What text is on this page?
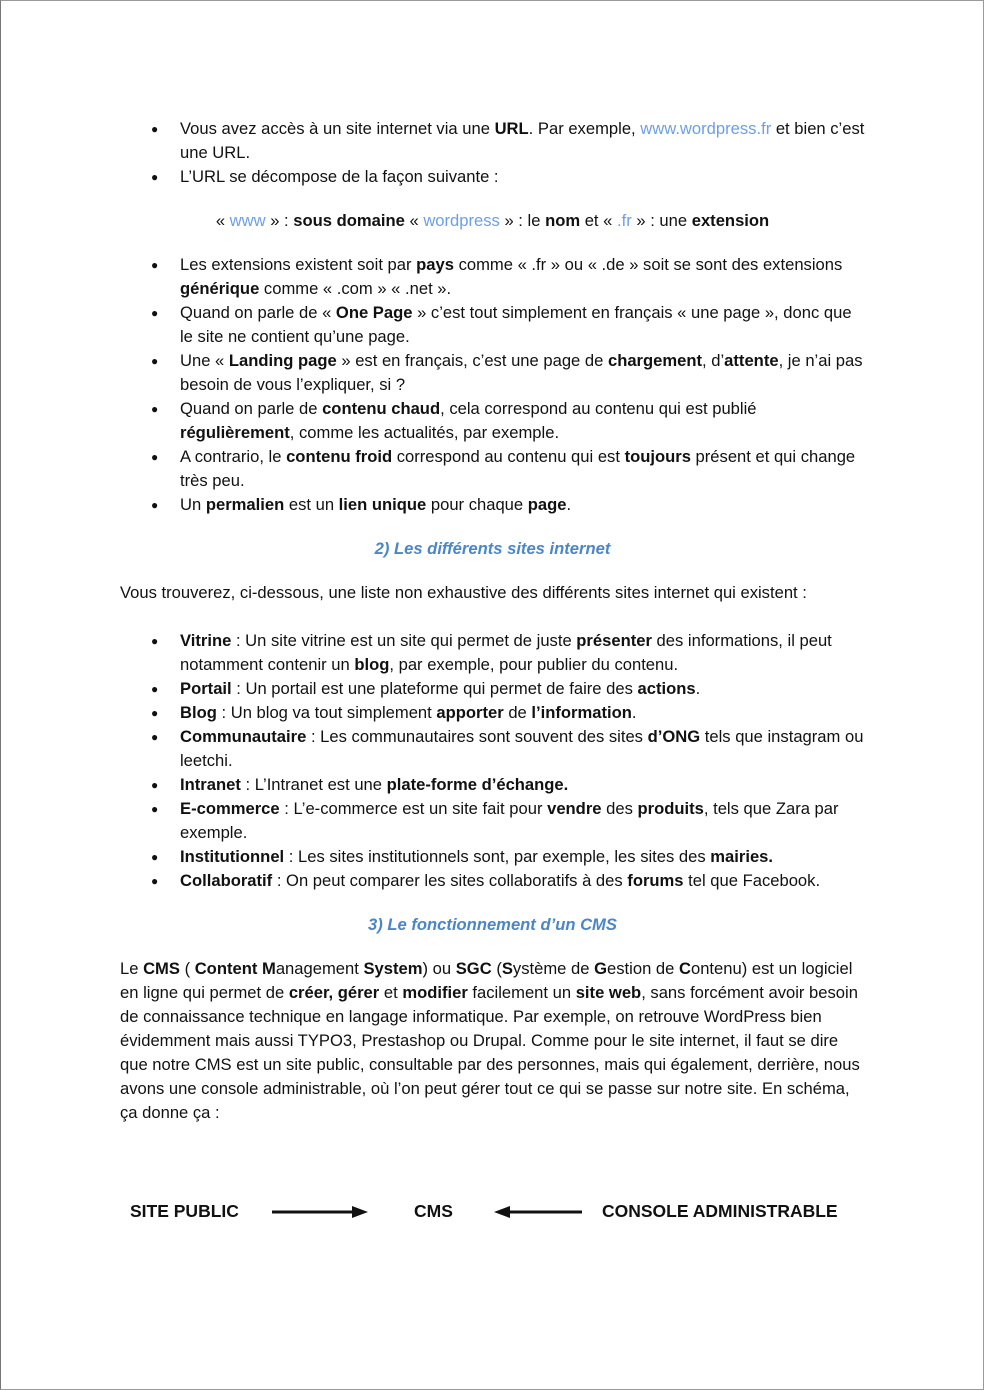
● Vous avez accès à un site internet via une URL. Par exemple, www.wordpress.fr et bien c’est une URL.
● L’URL se décompose de la façon suivante :
« www » : sous domaine « wordpress » : le nom et « .fr » : une extension
● Les extensions existent soit par pays comme « .fr » ou « .de » soit se sont des extensions générique comme « .com » « .net ».
● Quand on parle de « One Page » c’est tout simplement en français « une page », donc que le site ne contient qu’une page.
● Une « Landing page » est en français, c’est une page de chargement, d’attente, je n’ai pas besoin de vous l’expliquer, si ?
● Quand on parle de contenu chaud, cela correspond au contenu qui est publié régulièrement, comme les actualités, par exemple.
● A contrario, le contenu froid correspond au contenu qui est toujours présent et qui change très peu.
● Un permalien est un lien unique pour chaque page.
2) Les différents sites internet

Vous trouverez, ci-dessous, une liste non exhaustive des différents sites internet qui existent :

● Vitrine : Un site vitrine est un site qui permet de juste présenter des informations, il peut notamment contenir un blog, par exemple, pour publier du contenu.
● Portail : Un portail est une plateforme qui permet de faire des actions.
● Blog : Un blog va tout simplement apporter de l’information.
● Communautaire : Les communautaires sont souvent des sites d’ONG tels que instagram ou leetchi.
● Intranet : L’Intranet est une plate-forme d’échange.
● E-commerce : L’e-commerce est un site fait pour vendre des produits, tels que Zara par exemple.
● Institutionnel : Les sites institutionnels sont, par exemple, les sites des mairies.
● Collaboratif : On peut comparer les sites collaboratifs à des forums tel que Facebook.
3) Le fonctionnement d’un CMS

Le CMS ( Content Management System) ou SGC (Système de Gestion de Contenu) est un logiciel en ligne qui permet de créer, gérer et modifier facilement un site web, sans forcément avoir besoin de connaissance technique en langage informatique. Par exemple, on retrouve WordPress bien évidemment mais aussi TYPO3, Prestashop ou Drupal. Comme pour le site internet, il faut se dire que notre CMS est un site public, consultable par des personnes, mais qui également, derrière, nous avons une console administrable, où l’on peut gérer tout ce qui se passe sur notre site. En schéma, ça donne ça :

SITE PUBLIC	CMS	CONSOLE ADMINISTRABLE
